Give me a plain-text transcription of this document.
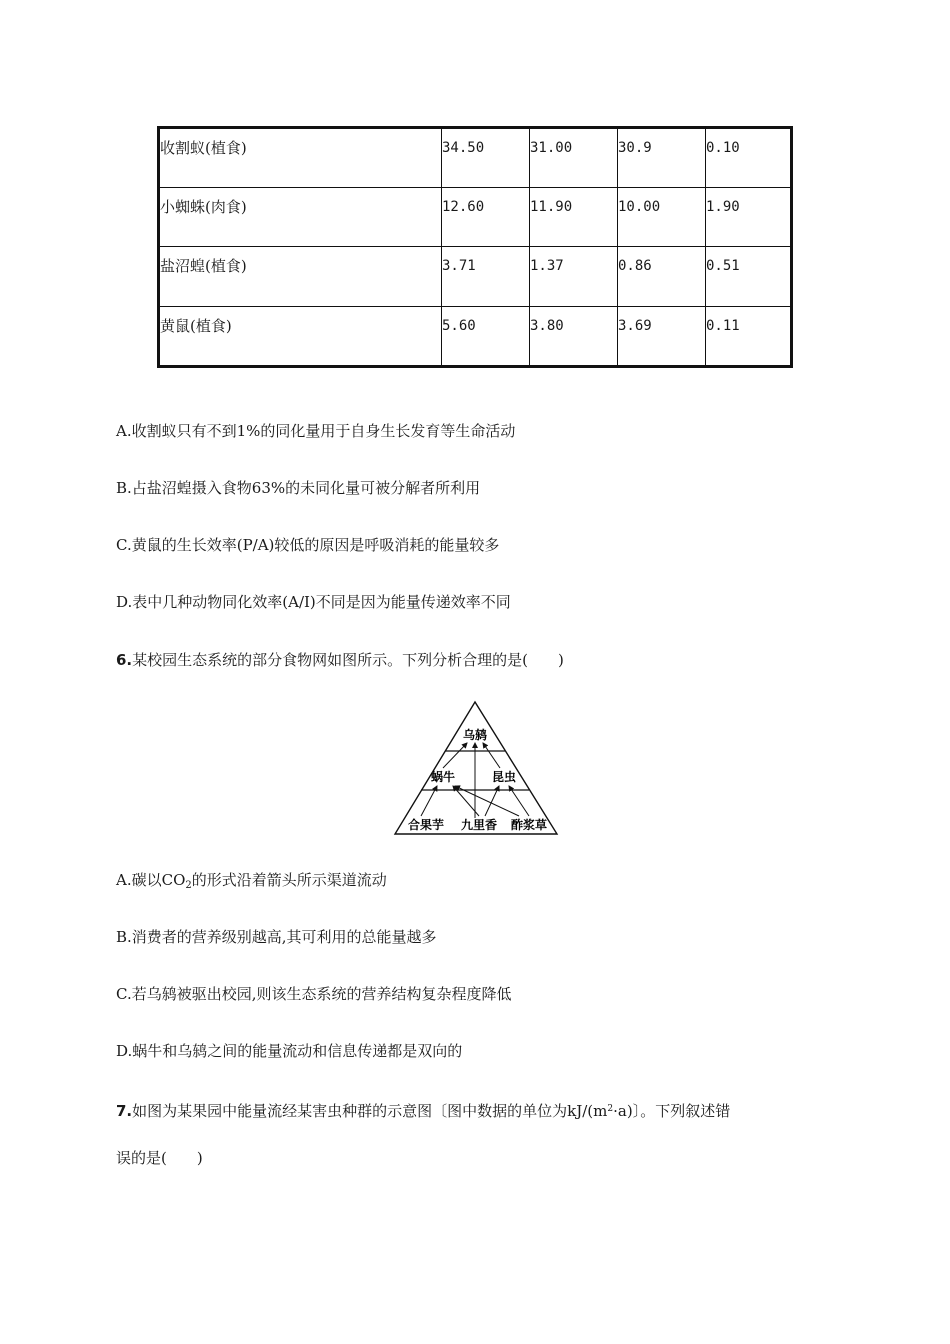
收割蚁(植食)	34.50	31.00	30.9	0.10
小蜘蛛(肉食)	12.60	11.90	10.00	1.90
盐沼蝗(植食)	3.71	1.37	0.86	0.51
黄鼠(植食)	5.60	3.80	3.69	0.11
A.收割蚁只有不到1%的同化量用于自身生长发育等生命活动
B.占盐沼蝗摄入食物63%的未同化量可被分解者所利用
C.黄鼠的生长效率(P/A)较低的原因是呼吸消耗的能量较多
D.表中几种动物同化效率(A/I)不同是因为能量传递效率不同
6.某校园生态系统的部分食物网如图所示。下列分析合理的是(　　)
乌鸫
蜗牛	昆虫
合果芋 九里香 酢浆草
A.碳以$CO_2$的形式沿着箭头所示渠道流动
B.消费者的营养级别越高,其可利用的总能量越多
C.若乌鸫被驱出校园,则该生态系统的营养结构复杂程度降低
D.蜗牛和乌鸫之间的能量流动和信息传递都是双向的
7.如图为某果园中能量流经某害虫种群的示意图〔图中数据的单位为$kJ/(m^2\cdot a)$〕。下列叙述错
误的是(　　)
